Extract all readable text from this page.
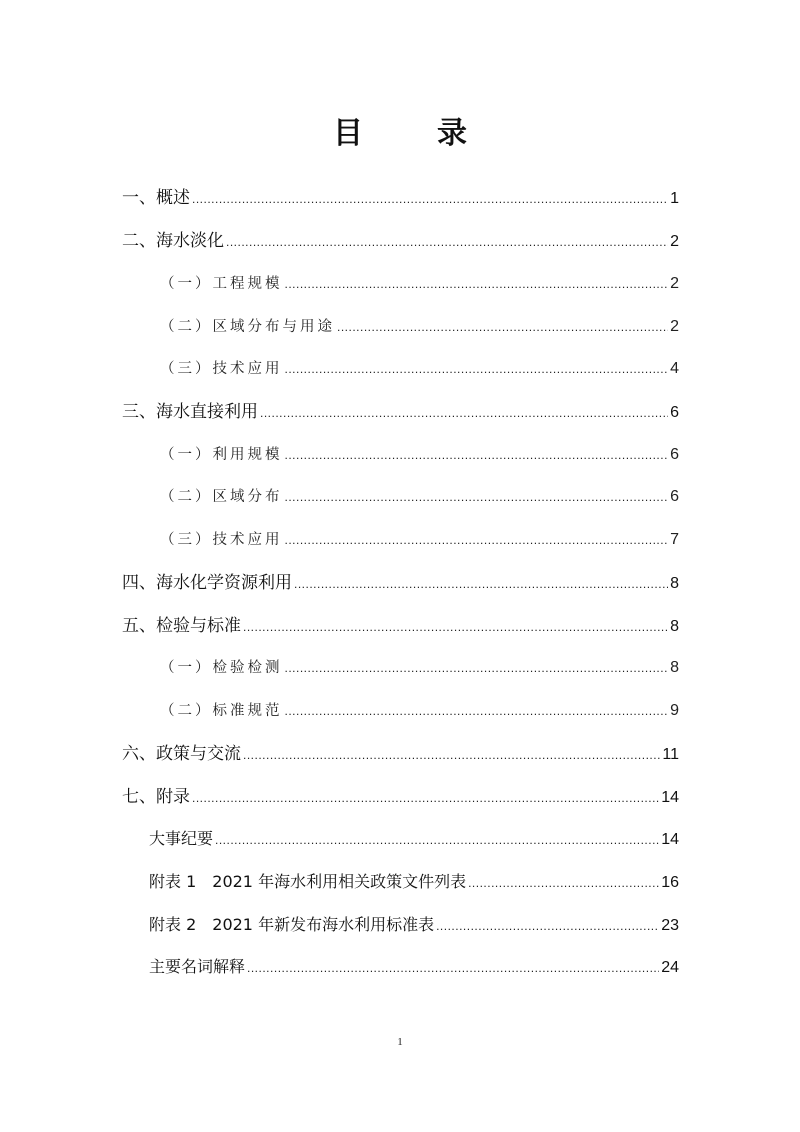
目　录
一、概述 .....	1
二、海水淡化 .....	2
（一）工程规模 .....	2
（二）区域分布与用途 .....	2
（三）技术应用 .....	4
三、海水直接利用 .....	6
（一）利用规模 .....	6
（二）区域分布 .....	6
（三）技术应用 .....	7
四、海水化学资源利用 .....	8
五、检验与标准 .....	8
（一）检验检测 .....	8
（二）标准规范 .....	9
六、政策与交流 .....	11
七、附录 .....	14
大事纪要 .....	14
附表 1　2021 年海水利用相关政策文件列表 .....	16
附表 2　2021 年新发布海水利用标准表 .....	23
主要名词解释 .....	24
1
